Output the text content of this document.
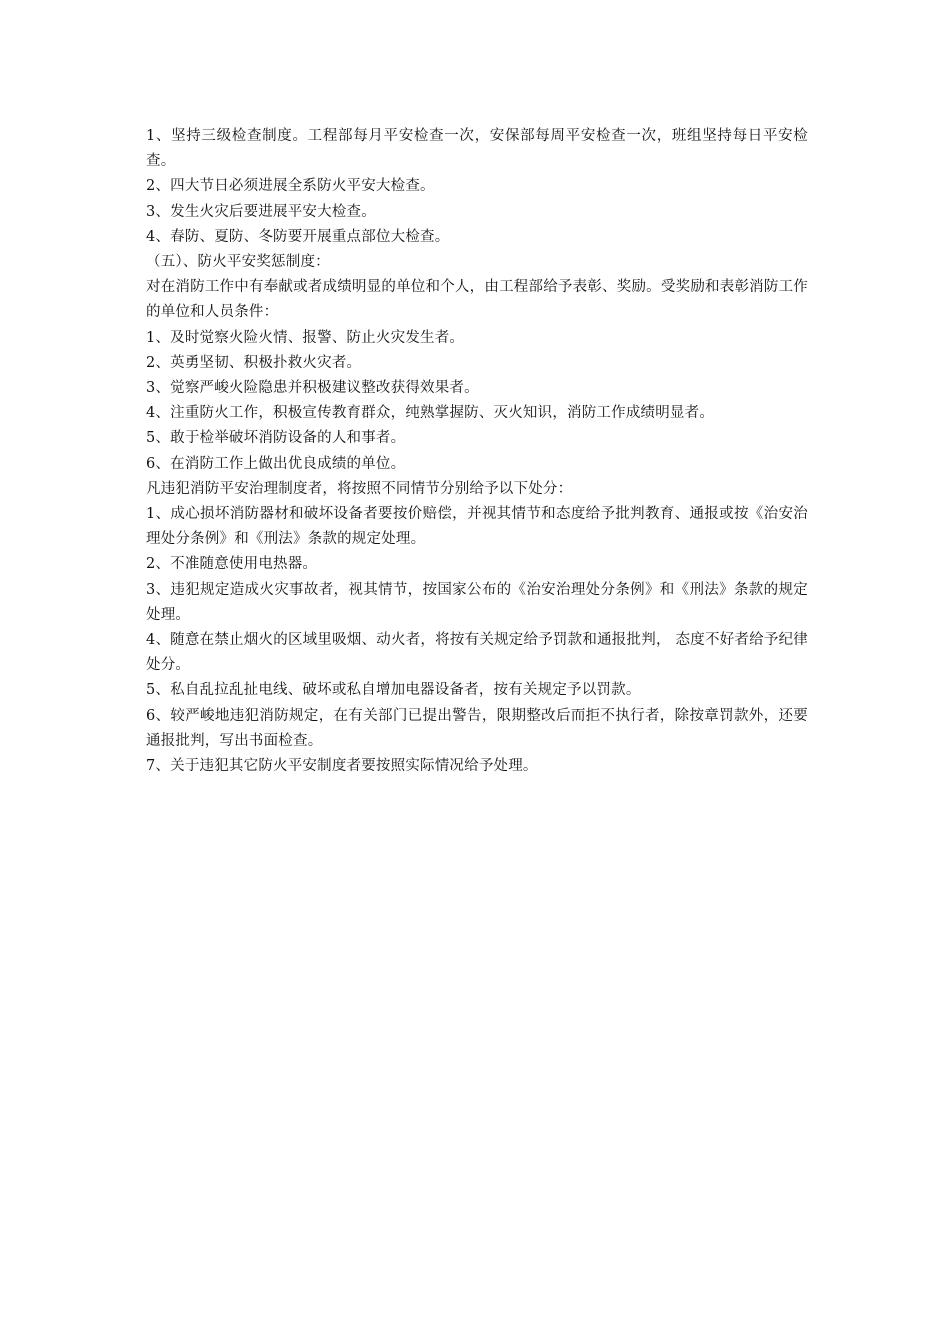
1、坚持三级检查制度。工程部每月平安检查一次，安保部每周平安检查一次，班组坚持每日平安检查。

2、四大节日必须进展全系防火平安大检查。

3、发生火灾后要进展平安大检查。

4、春防、夏防、冬防要开展重点部位大检查。

（五）、防火平安奖惩制度：

对在消防工作中有奉献或者成绩明显的单位和个人，由工程部给予表彰、奖励。受奖励和表彰消防工作的单位和人员条件：

1、及时觉察火险火情、报警、防止火灾发生者。

2、英勇坚韧、积极扑救火灾者。

3、觉察严峻火险隐患并积极建议整改获得效果者。

4、注重防火工作，积极宣传教育群众，纯熟掌握防、灭火知识，消防工作成绩明显者。

5、敢于检举破坏消防设备的人和事者。

6、在消防工作上做出优良成绩的单位。

凡违犯消防平安治理制度者，将按照不同情节分别给予以下处分：

1、成心损坏消防器材和破坏设备者要按价赔偿，并视其情节和态度给予批判教育、通报或按《治安治理处分条例》和《刑法》条款的规定处理。

2、不准随意使用电热器。

3、违犯规定造成火灾事故者，视其情节，按国家公布的《治安治理处分条例》和《刑法》条款的规定处理。

4、随意在禁止烟火的区域里吸烟、动火者，将按有关规定给予罚款和通报批判， 态度不好者给予纪律处分。

5、私自乱拉乱扯电线、破坏或私自增加电器设备者，按有关规定予以罚款。

6、较严峻地违犯消防规定，在有关部门已提出警告，限期整改后而拒不执行者，除按章罚款外，还要通报批判，写出书面检查。

7、关于违犯其它防火平安制度者要按照实际情况给予处理。
